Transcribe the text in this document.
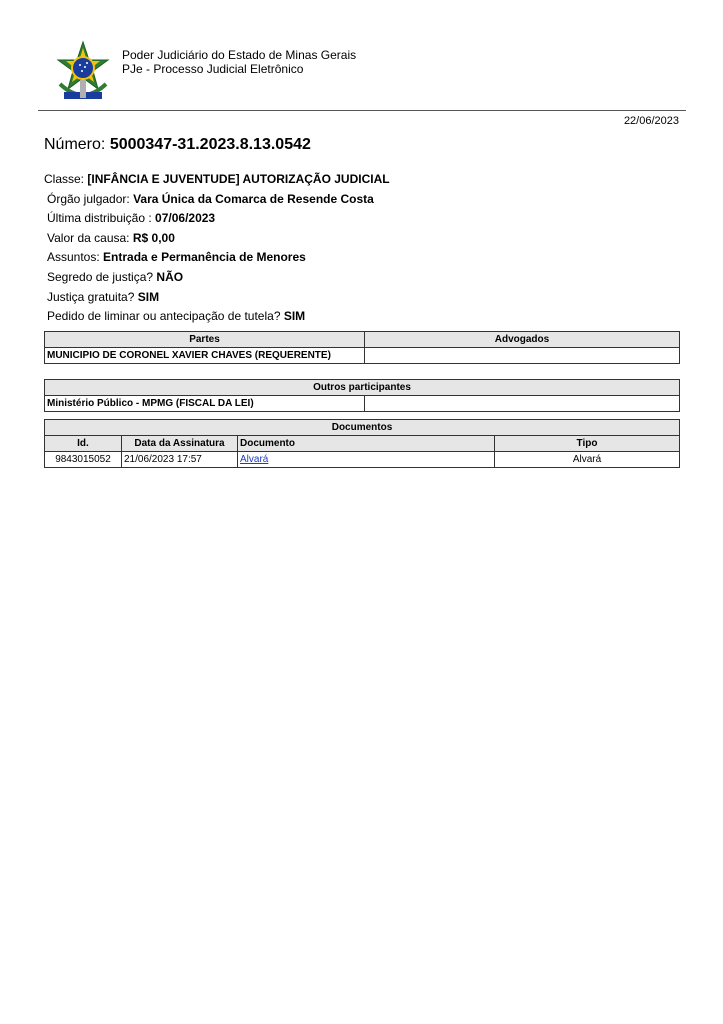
Poder Judiciário do Estado de Minas Gerais
PJe - Processo Judicial Eletrônico
22/06/2023
Número: 5000347-31.2023.8.13.0542
Classe: [INFÂNCIA E JUVENTUDE] AUTORIZAÇÃO JUDICIAL
Órgão julgador: Vara Única da Comarca de Resende Costa
Última distribuição : 07/06/2023
Valor da causa: R$ 0,00
Assuntos: Entrada e Permanência de Menores
Segredo de justiça? NÃO
Justiça gratuita? SIM
Pedido de liminar ou antecipação de tutela? SIM
Partes	Advogados
MUNICIPIO DE CORONEL XAVIER CHAVES (REQUERENTE)	
Outros participantes
Ministério Público - MPMG (FISCAL DA LEI)	
Documentos			
Id.	Data da Assinatura	Documento	Tipo
9843015052	21/06/2023 17:57	Alvará	Alvará
